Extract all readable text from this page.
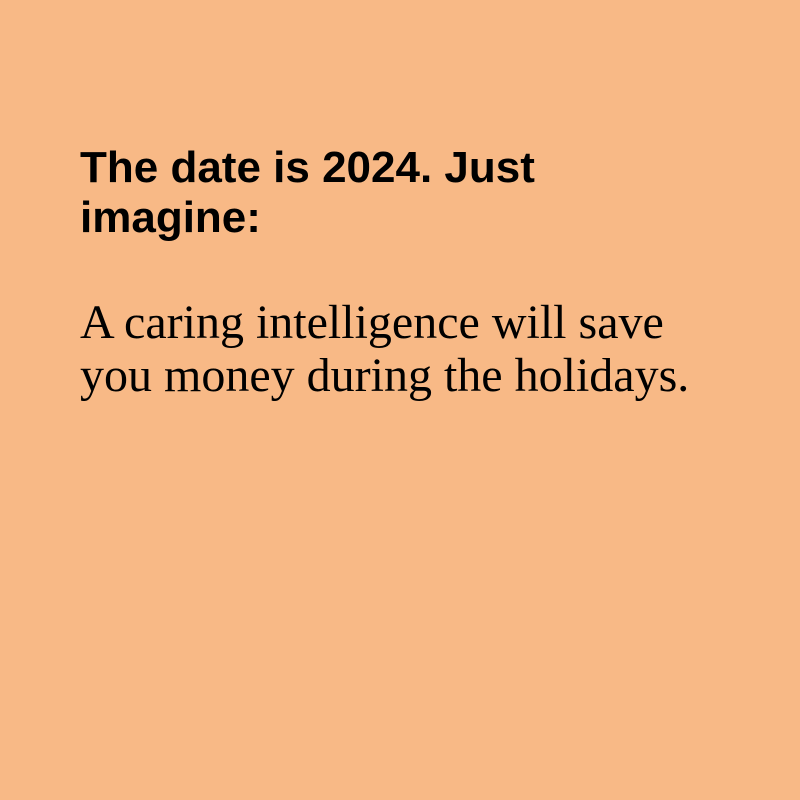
The date is 2024. Just imagine:

A caring intelligence will save you money during the holidays.
